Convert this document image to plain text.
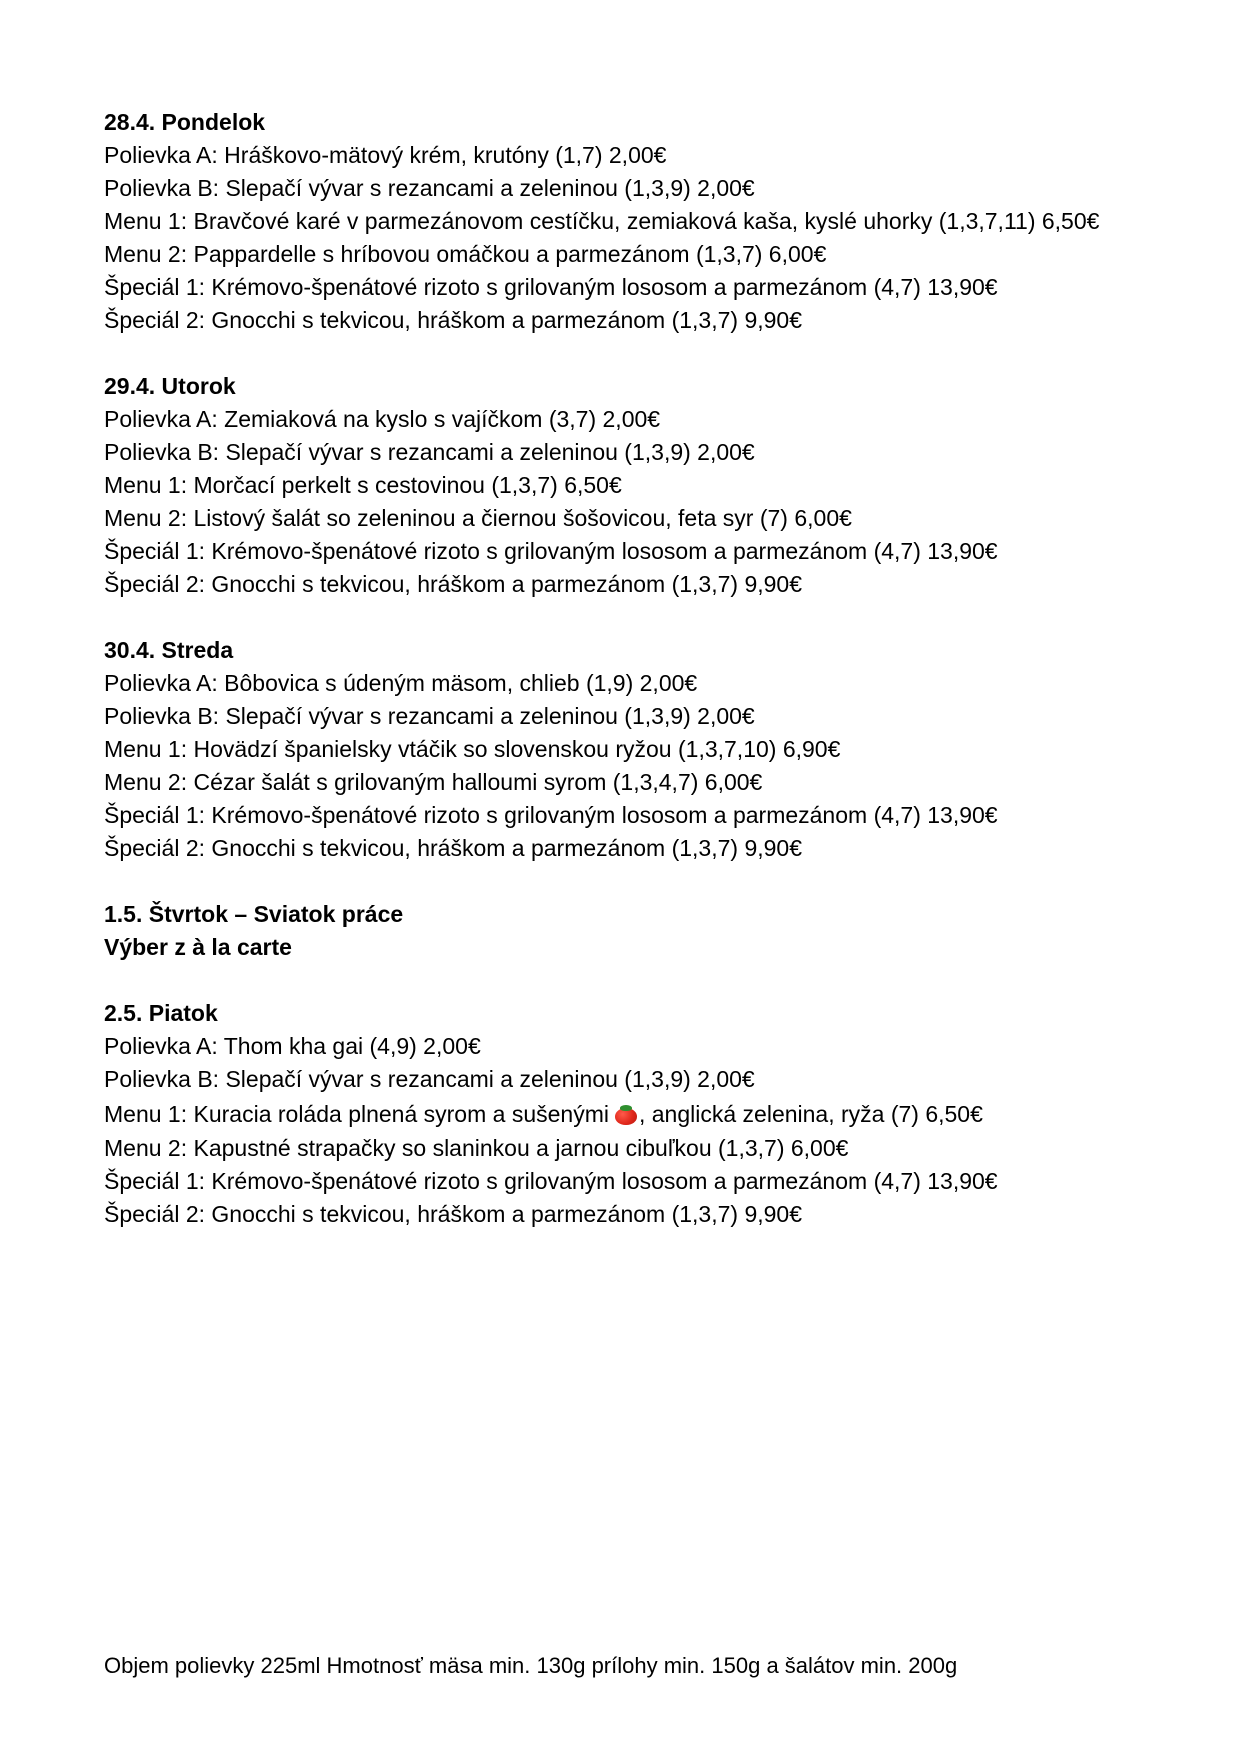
28.4. Pondelok
Polievka A: Hráškovo-mätový krém, krutóny (1,7) 2,00€
Polievka B: Slepačí vývar s rezancami a zeleninou (1,3,9) 2,00€
Menu 1: Bravčové karé v parmezánovom cestíčku, zemiaková kaša, kyslé uhorky (1,3,7,11) 6,50€
Menu 2: Pappardelle s hríbovou omáčkou a parmezánom (1,3,7) 6,00€
Špeciál 1: Krémovo-špenátové rizoto s grilovaným lososom a parmezánom (4,7) 13,90€
Špeciál 2: Gnocchi s tekvicou, hráškom a parmezánom (1,3,7) 9,90€
29.4. Utorok
Polievka A: Zemiaková na kyslo s vajíčkom (3,7) 2,00€
Polievka B: Slepačí vývar s rezancami a zeleninou (1,3,9) 2,00€
Menu 1: Morčací perkelt s cestovinou (1,3,7) 6,50€
Menu 2: Listový šalát so zeleninou a čiernou šošovicou, feta syr (7) 6,00€
Špeciál 1: Krémovo-špenátové rizoto s grilovaným lososom a parmezánom (4,7) 13,90€
Špeciál 2: Gnocchi s tekvicou, hráškom a parmezánom (1,3,7) 9,90€
30.4. Streda
Polievka A: Bôbovica s údeným mäsom, chlieb (1,9) 2,00€
Polievka B: Slepačí vývar s rezancami a zeleninou (1,3,9) 2,00€
Menu 1: Hovädzí španielsky vtáčik so slovenskou ryžou (1,3,7,10) 6,90€
Menu 2: Cézar šalát s grilovaným halloumi syrom (1,3,4,7) 6,00€
Špeciál 1: Krémovo-špenátové rizoto s grilovaným lososom a parmezánom (4,7) 13,90€
Špeciál 2: Gnocchi s tekvicou, hráškom a parmezánom (1,3,7) 9,90€
1.5. Štvrtok – Sviatok práce
Výber z à la carte
2.5. Piatok
Polievka A: Thom kha gai (4,9) 2,00€
Polievka B: Slepačí vývar s rezancami a zeleninou (1,3,9) 2,00€
Menu 1: Kuracia roláda plnená syrom a sušenými , anglická zelenina, ryža (7) 6,50€
Menu 2: Kapustné strapačky so slaninkou a jarnou cibuľkou (1,3,7) 6,00€
Špeciál 1: Krémovo-špenátové rizoto s grilovaným lososom a parmezánom (4,7) 13,90€
Špeciál 2: Gnocchi s tekvicou, hráškom a parmezánom (1,3,7) 9,90€
Objem polievky 225ml Hmotnosť mäsa min. 130g prílohy min. 150g a šalátov min. 200g
